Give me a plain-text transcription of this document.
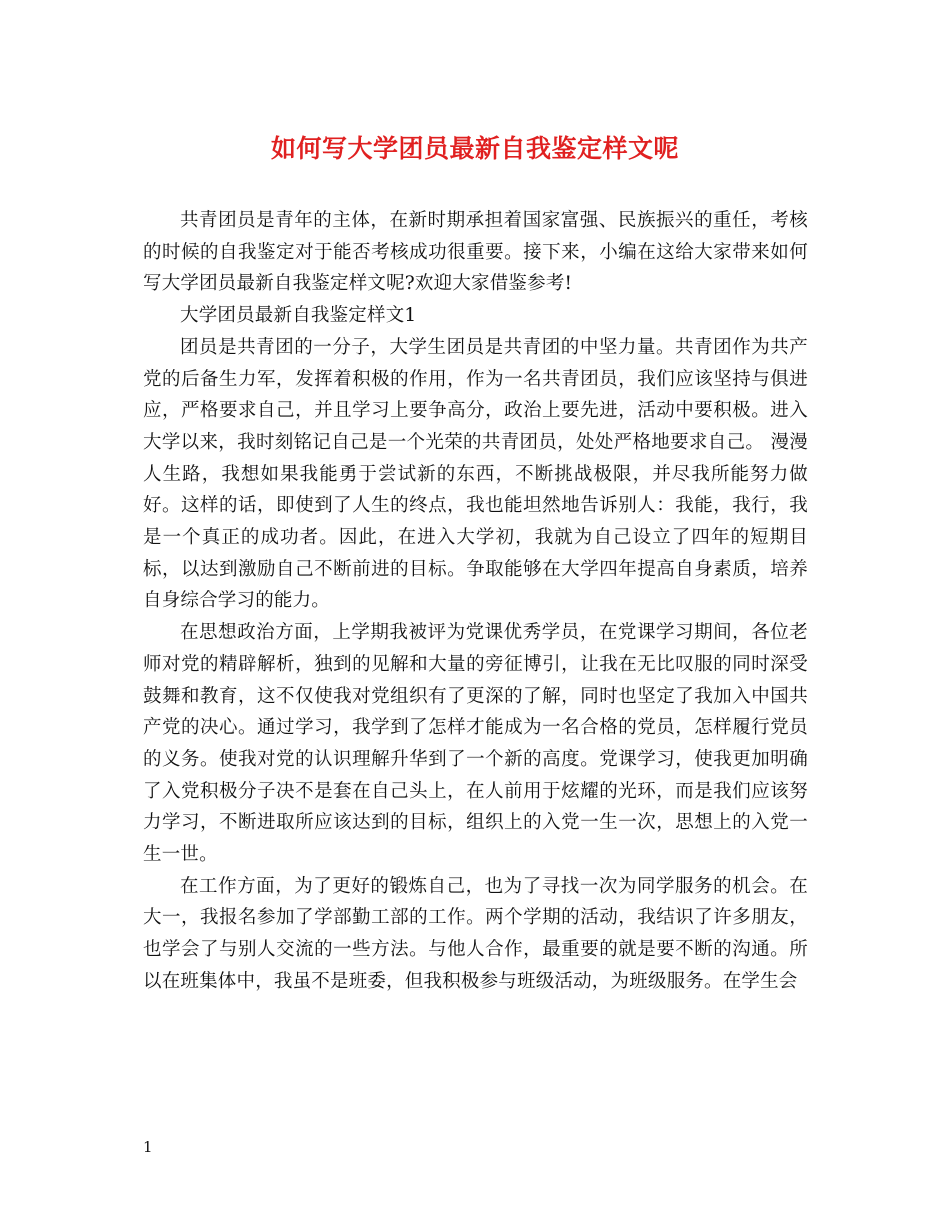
如何写大学团员最新自我鉴定样文呢

共青团员是青年的主体，在新时期承担着国家富强、民族振兴的重任，考核的时候的自我鉴定对于能否考核成功很重要。接下来，小编在这给大家带来如何写大学团员最新自我鉴定样文呢?欢迎大家借鉴参考!

大学团员最新自我鉴定样文1

团员是共青团的一分子，大学生团员是共青团的中坚力量。共青团作为共产党的后备生力军，发挥着积极的作用，作为一名共青团员，我们应该坚持与俱进应，严格要求自己，并且学习上要争高分，政治上要先进，活动中要积极。进入大学以来，我时刻铭记自己是一个光荣的共青团员，处处严格地要求自己。 漫漫人生路，我想如果我能勇于尝试新的东西，不断挑战极限，并尽我所能努力做好。这样的话，即使到了人生的终点，我也能坦然地告诉别人：我能，我行，我是一个真正的成功者。因此，在进入大学初，我就为自己设立了四年的短期目标，以达到激励自己不断前进的目标。争取能够在大学四年提高自身素质，培养自身综合学习的能力。

在思想政治方面，上学期我被评为党课优秀学员，在党课学习期间，各位老师对党的精辟解析，独到的见解和大量的旁征博引，让我在无比叹服的同时深受鼓舞和教育，这不仅使我对党组织有了更深的了解，同时也坚定了我加入中国共产党的决心。通过学习，我学到了怎样才能成为一名合格的党员，怎样履行党员的义务。使我对党的认识理解升华到了一个新的高度。党课学习，使我更加明确了入党积极分子决不是套在自己头上，在人前用于炫耀的光环，而是我们应该努力学习，不断进取所应该达到的目标，组织上的入党一生一次，思想上的入党一生一世。

在工作方面，为了更好的锻炼自己，也为了寻找一次为同学服务的机会。在大一，我报名参加了学部勤工部的工作。两个学期的活动，我结识了许多朋友，也学会了与别人交流的一些方法。与他人合作，最重要的就是要不断的沟通。所以在班集体中，我虽不是班委，但我积极参与班级活动，为班级服务。在学生会

1
